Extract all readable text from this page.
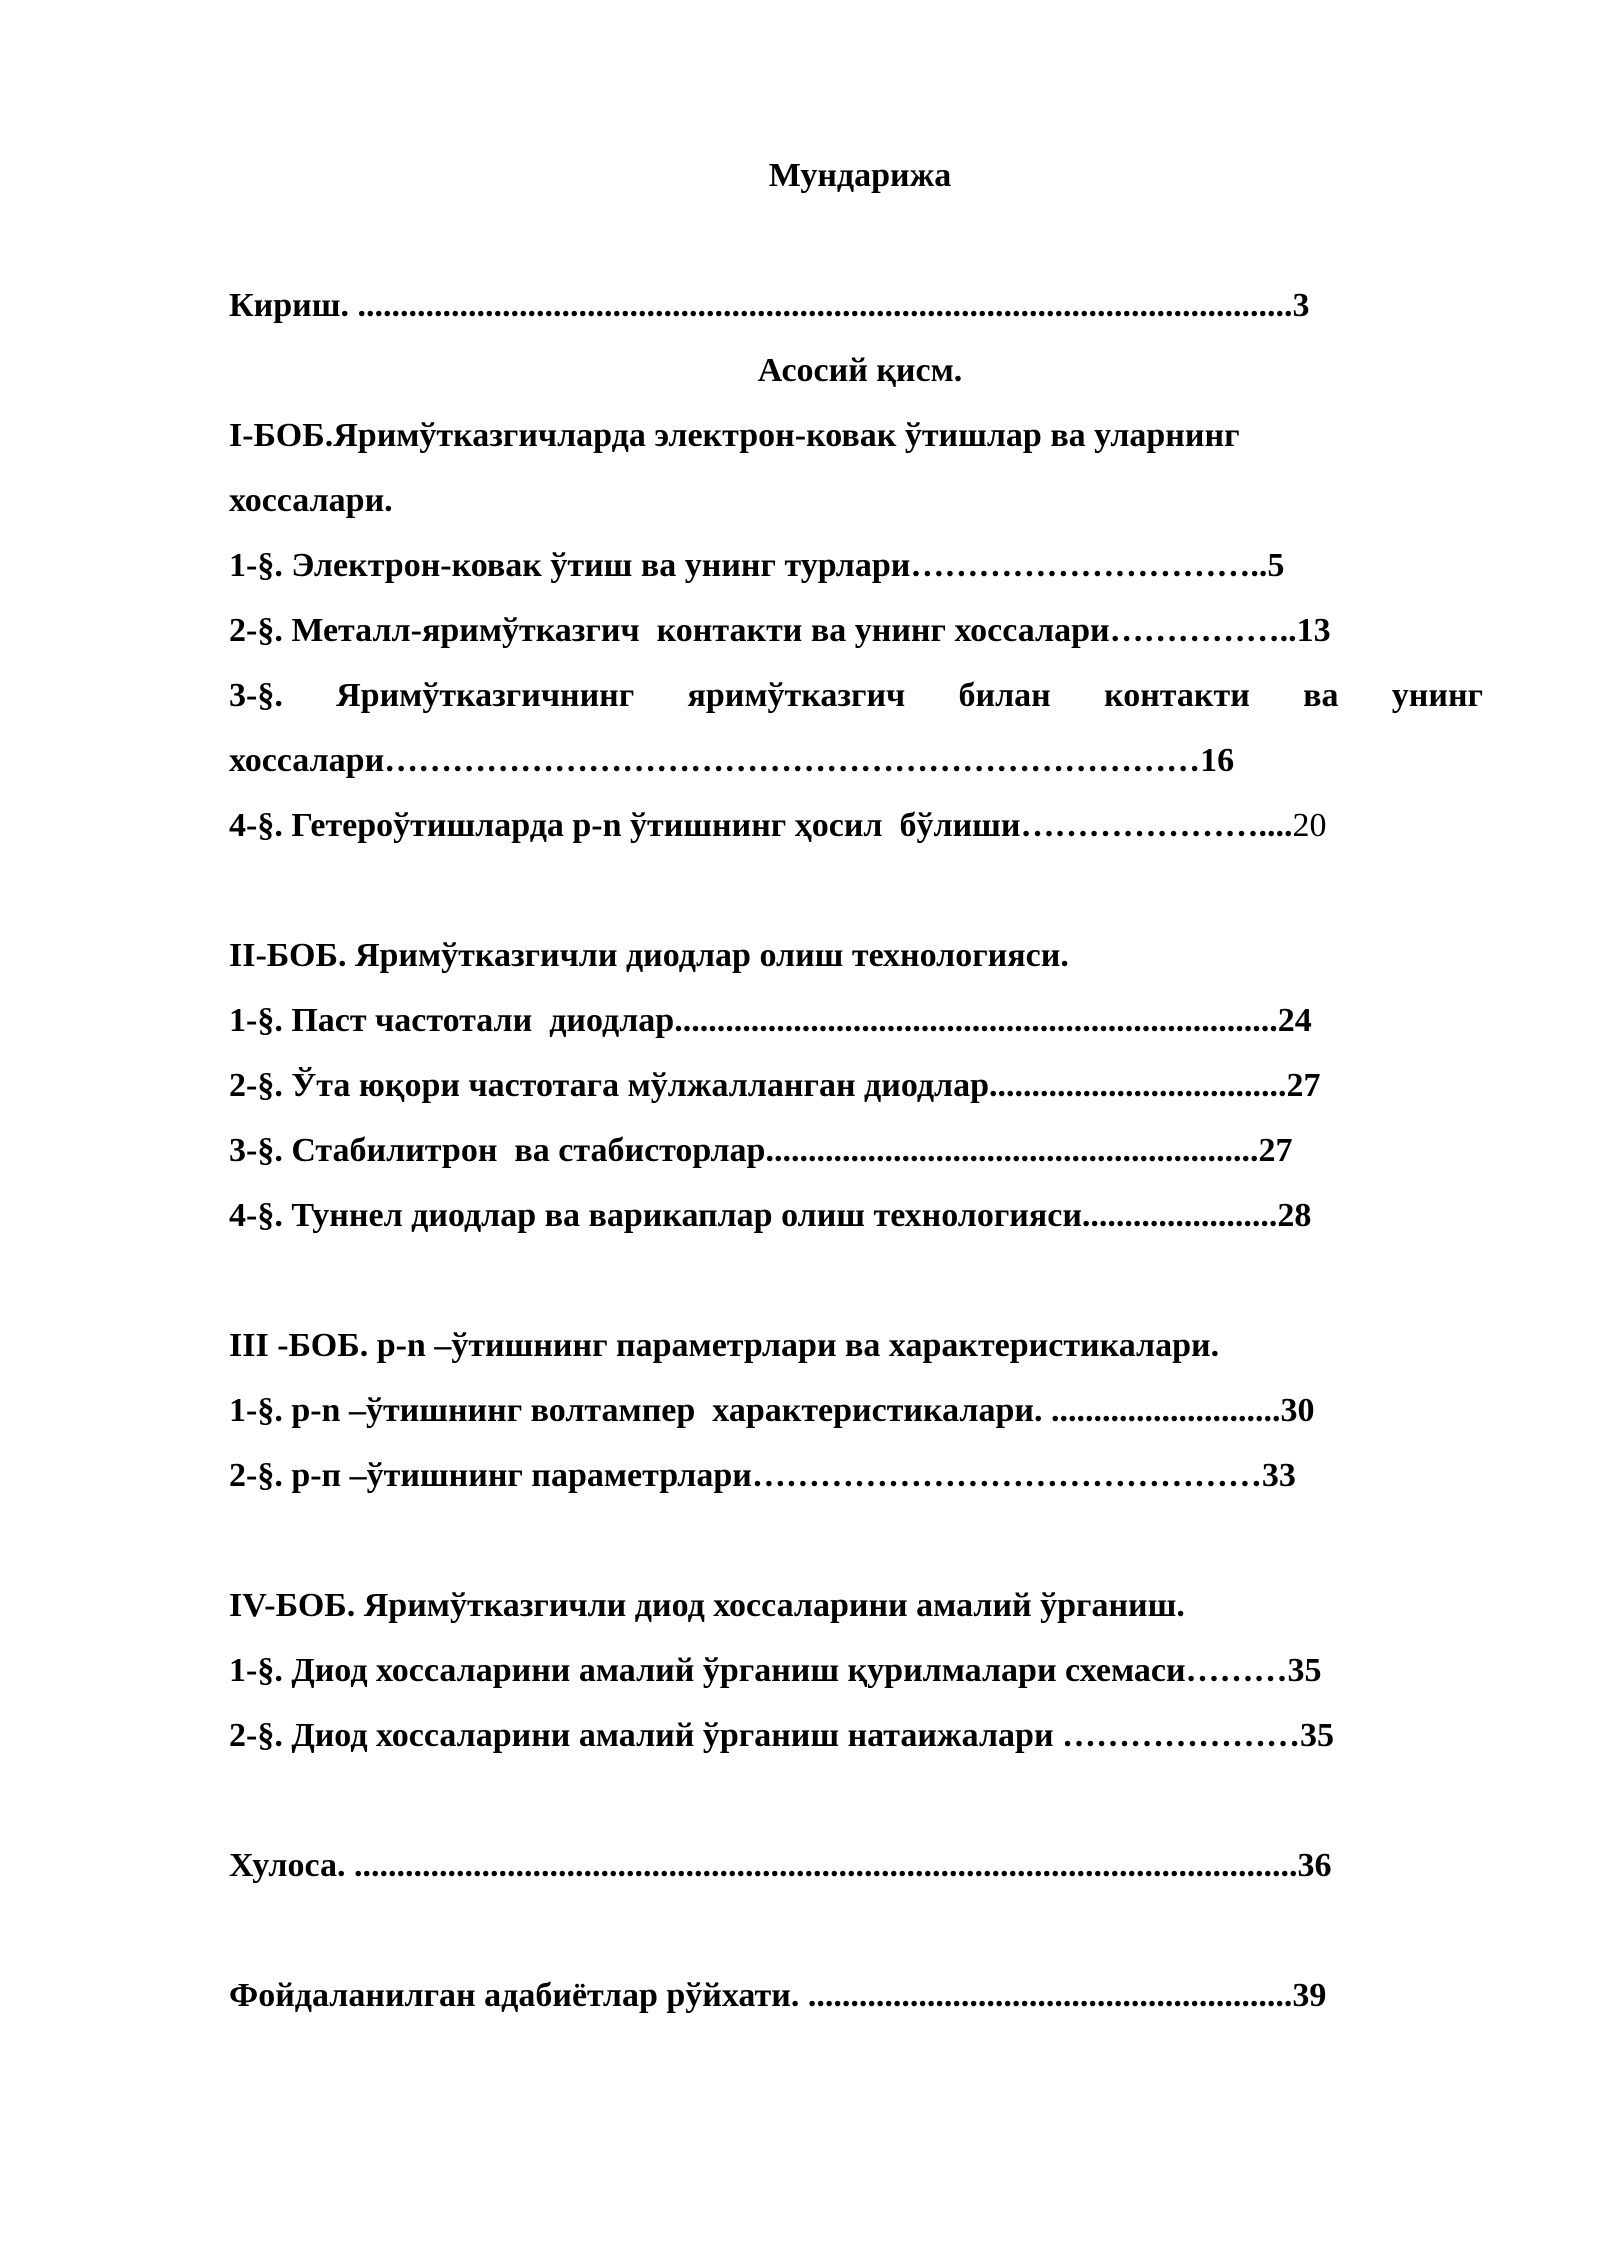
Мундарижа
Кириш. ..............................................................................................................3
Асосий қисм.
I-БОБ.Яримўтказгичларда электрон-ковак ўтишлар ва уларнинг
хоссалари.
1-§. Электрон-ковак ўтиш ва унинг турлари…………………………..5
2-§. Металл-яримўтказгич  контакти ва унинг хоссалари……………..13
3-§. Яримўтказгичнинг яримўтказгич билан контакти ва унинг
хоссалари………………………………………………………………16
4-§. Гетероўтишларда p-n ўтишнинг ҳосил  бўлиши…………………....20
II-БОБ. Яримўтказгичли диодлар олиш технологияси.
1-§. Паст частотали  диодлар.......................................................................24
2-§. Ўта юқори частотага мўлжалланган диодлар...................................27
3-§. Стабилитрон  ва стабисторлар..........................................................27
4-§. Туннел диодлар ва варикаплар олиш технологияси.......................28
III -БОБ. p-n –ўтишнинг параметрлари ва характеристикалари.
1-§. p-n –ўтишнинг волтампер  характеристикалари. ...........................30
2-§. р-п –ўтишнинг параметрлари………………………………………33
IV-БОБ. Яримўтказгичли диод хоссаларини амалий ўрганиш.
1-§. Диод хоссаларини амалий ўрганиш қурилмалари схемаси………35
2-§. Диод хоссаларини амалий ўрганиш натаижалари …………………35
Хулоса. ...............................................................................................................36
Фойдаланилган адабиётлар рўйхати. .........................................................39
